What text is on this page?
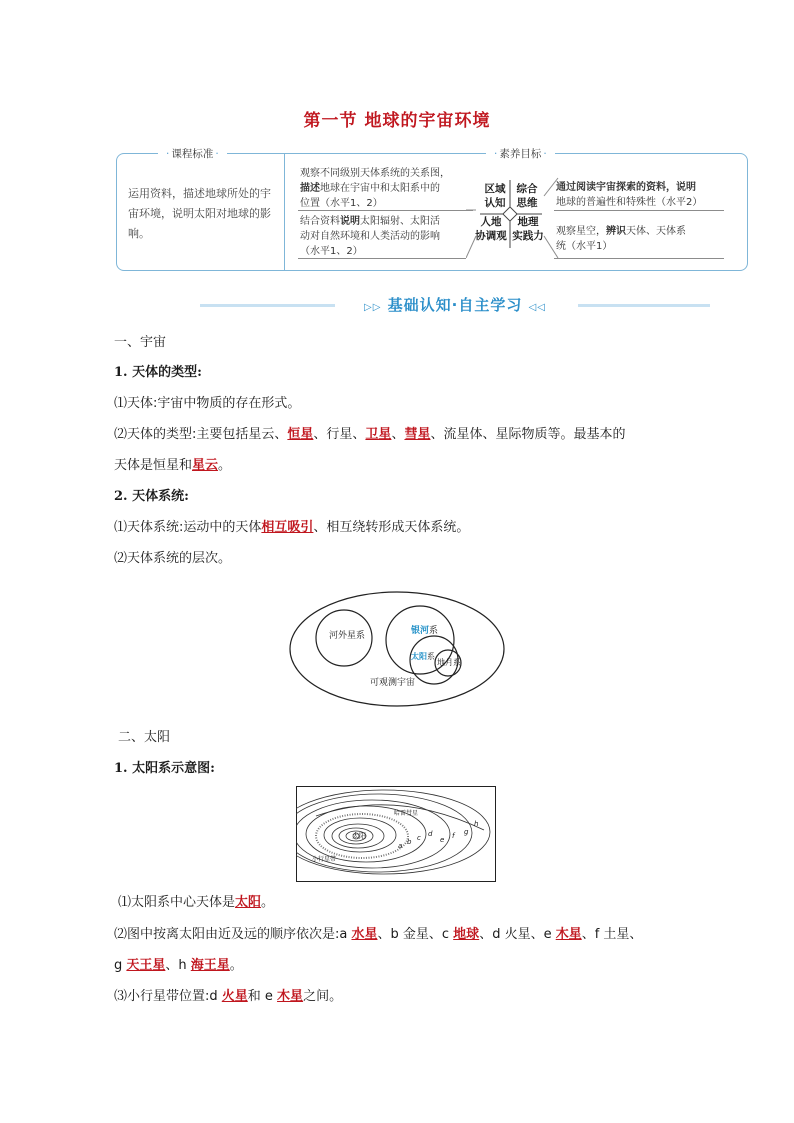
第一节 地球的宇宙环境
· 课程标准 ·
·	素养目标 ·
运用资料，描述地球所处的宇宙环境，说明太阳对地球的影响。
观察不同级别天体系统的关系图，
描述地球在宇宙中和太阳系中的
位置（水平1、2）
结合资料说明太阳辐射、太阳活
动对自然环境和人类活动的影响
（水平1、2）
区域
认知
综合
思维
人地
协调观
地理
实践力
通过阅读宇宙探索的资料，说明
地球的普遍性和特殊性（水平2）
观察星空，辨识天体、天体系
统（水平1）
▷▷ 基础认知·自主学习 ◁◁
一、宇宙
1. 天体的类型:
⑴天体:宇宙中物质的存在形式。
⑵天体的类型:主要包括星云、恒星、行星、卫星、彗星、流星体、星际物质等。最基本的
天体是恒星和星云。
2. 天体系统:
⑴天体系统:运动中的天体相互吸引、相互绕转形成天体系统。
⑵天体系统的层次。
河外星系	银河系
太阳系
地月系
可观测宇宙
二、太阳
1. 太阳系示意图:
太阳
小行星带
哈雷彗星
a b c d
e f g
h
⑴太阳系中心天体是太阳。
⑵图中按离太阳由近及远的顺序依次是:a 水星、b 金星、c 地球、d 火星、e 木星、f 土星、
g 天王星、h 海王星。
⑶小行星带位置:d 火星和 e 木星之间。
